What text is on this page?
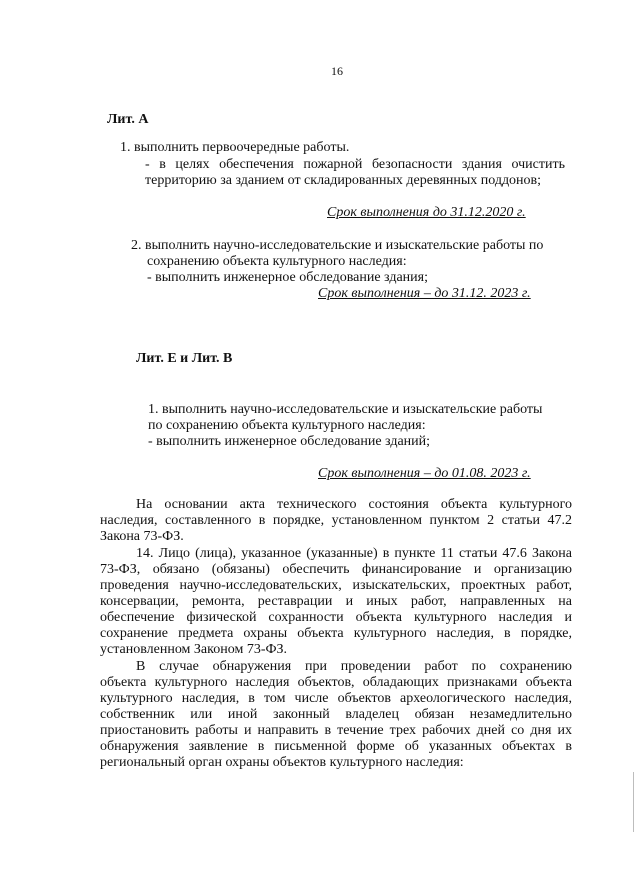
16
Лит. А
1. выполнить первоочередные работы.
- в целях обеспечения пожарной безопасности здания очистить
территорию за зданием от складированных деревянных поддонов;
Срок выполнения до 31.12.2020 г.
2. выполнить научно-исследовательские и изыскательские работы по
сохранению объекта культурного наследия:
- выполнить инженерное обследование здания;
Срок выполнения – до 31.12. 2023 г.
Лит. Е и Лит. В
1. выполнить научно-исследовательские и изыскательские работы
по сохранению объекта культурного наследия:
- выполнить инженерное обследование зданий;
Срок выполнения – до 01.08. 2023 г.
На основании акта технического состояния объекта культурного
наследия, составленного в порядке, установленном пунктом 2 статьи 47.2
Закона 73-ФЗ.
14. Лицо (лица), указанное (указанные) в пункте 11 статьи 47.6 Закона
73-ФЗ, обязано (обязаны) обеспечить финансирование и организацию
проведения научно-исследовательских, изыскательских, проектных работ,
консервации, ремонта, реставрации и иных работ, направленных на
обеспечение физической сохранности объекта культурного наследия и
сохранение предмета охраны объекта культурного наследия, в порядке,
установленном Законом 73-ФЗ.
В случае обнаружения при проведении работ по сохранению
объекта культурного наследия объектов, обладающих признаками объекта
культурного наследия, в том числе объектов археологического наследия,
собственник или иной законный владелец обязан незамедлительно
приостановить работы и направить в течение трех рабочих дней со дня их
обнаружения заявление в письменной форме об указанных объектах в
региональный орган охраны объектов культурного наследия:
